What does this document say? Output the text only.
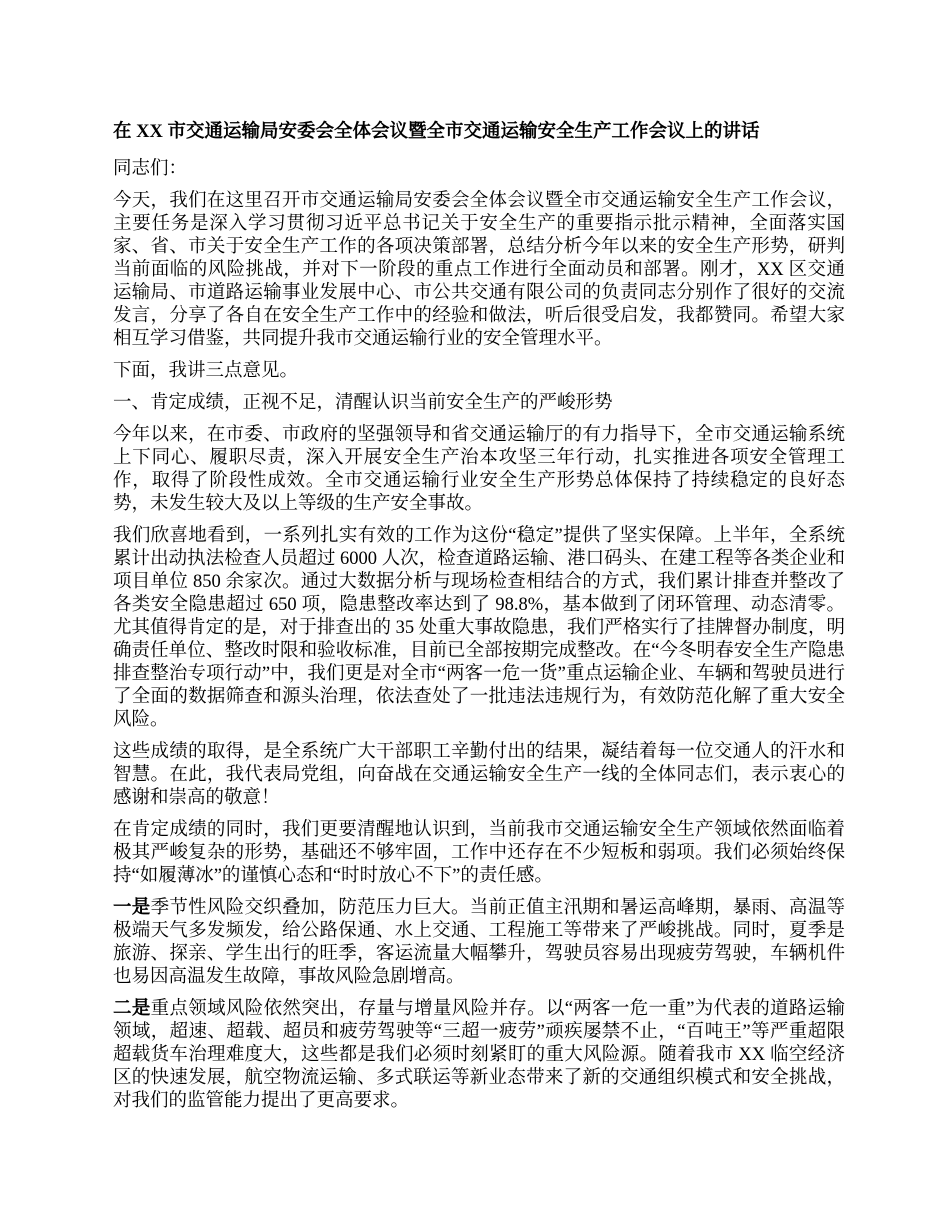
在 XX 市交通运输局安委会全体会议暨全市交通运输安全生产工作会议上的讲话

同志们：

今天，我们在这里召开市交通运输局安委会全体会议暨全市交通运输安全生产工作会议，主要任务是深入学习贯彻习近平总书记关于安全生产的重要指示批示精神，全面落实国家、省、市关于安全生产工作的各项决策部署，总结分析今年以来的安全生产形势，研判当前面临的风险挑战，并对下一阶段的重点工作进行全面动员和部署。刚才，XX 区交通运输局、市道路运输事业发展中心、市公共交通有限公司的负责同志分别作了很好的交流发言，分享了各自在安全生产工作中的经验和做法，听后很受启发，我都赞同。希望大家相互学习借鉴，共同提升我市交通运输行业的安全管理水平。

下面，我讲三点意见。

一、肯定成绩，正视不足，清醒认识当前安全生产的严峻形势

今年以来，在市委、市政府的坚强领导和省交通运输厅的有力指导下，全市交通运输系统上下同心、履职尽责，深入开展安全生产治本攻坚三年行动，扎实推进各项安全管理工作，取得了阶段性成效。全市交通运输行业安全生产形势总体保持了持续稳定的良好态势，未发生较大及以上等级的生产安全事故。

我们欣喜地看到，一系列扎实有效的工作为这份“稳定”提供了坚实保障。上半年，全系统累计出动执法检查人员超过 6000 人次，检查道路运输、港口码头、在建工程等各类企业和项目单位 850 余家次。通过大数据分析与现场检查相结合的方式，我们累计排查并整改了各类安全隐患超过 650 项，隐患整改率达到了 98.8%，基本做到了闭环管理、动态清零。尤其值得肯定的是，对于排查出的 35 处重大事故隐患，我们严格实行了挂牌督办制度，明确责任单位、整改时限和验收标准，目前已全部按期完成整改。在“今冬明春安全生产隐患排查整治专项行动”中，我们更是对全市“两客一危一货”重点运输企业、车辆和驾驶员进行了全面的数据筛查和源头治理，依法查处了一批违法违规行为，有效防范化解了重大安全风险。

这些成绩的取得，是全系统广大干部职工辛勤付出的结果，凝结着每一位交通人的汗水和智慧。在此，我代表局党组，向奋战在交通运输安全生产一线的全体同志们，表示衷心的感谢和崇高的敬意！

在肯定成绩的同时，我们更要清醒地认识到，当前我市交通运输安全生产领域依然面临着极其严峻复杂的形势，基础还不够牢固，工作中还存在不少短板和弱项。我们必须始终保持“如履薄冰”的谨慎心态和“时时放心不下”的责任感。

一是季节性风险交织叠加，防范压力巨大。当前正值主汛期和暑运高峰期，暴雨、高温等极端天气多发频发，给公路保通、水上交通、工程施工等带来了严峻挑战。同时，夏季是旅游、探亲、学生出行的旺季，客运流量大幅攀升，驾驶员容易出现疲劳驾驶，车辆机件也易因高温发生故障，事故风险急剧增高。

二是重点领域风险依然突出，存量与增量风险并存。以“两客一危一重”为代表的道路运输领域，超速、超载、超员和疲劳驾驶等“三超一疲劳”顽疾屡禁不止，“百吨王”等严重超限超载货车治理难度大，这些都是我们必须时刻紧盯的重大风险源。随着我市 XX 临空经济区的快速发展，航空物流运输、多式联运等新业态带来了新的交通组织模式和安全挑战，对我们的监管能力提出了更高要求。
